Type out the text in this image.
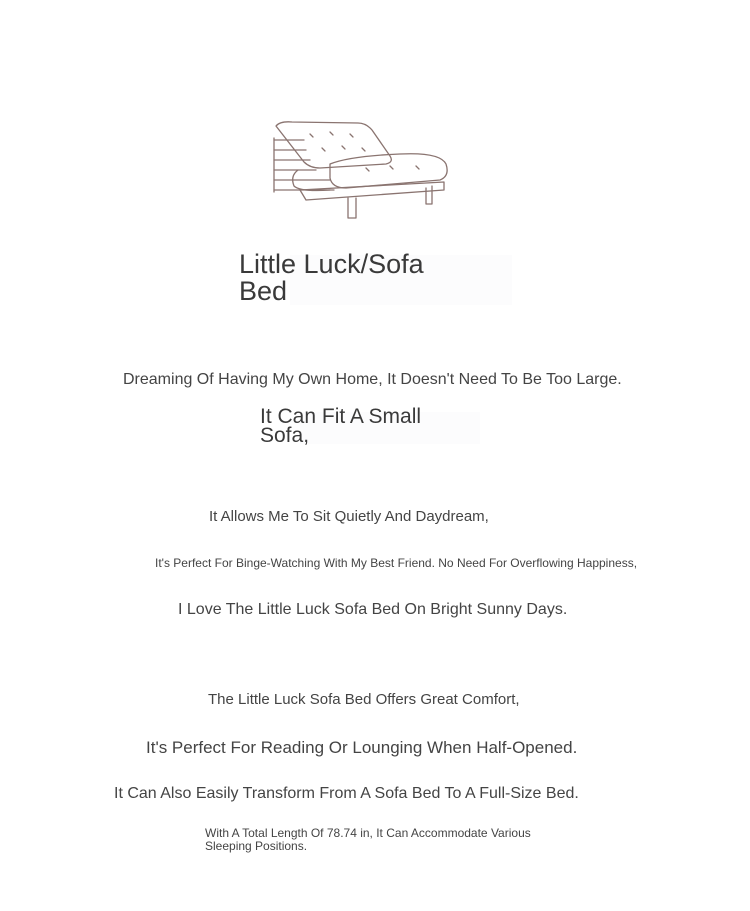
Little Luck/Sofa Bed
Dreaming Of Having My Own Home, It Doesn't Need To Be Too Large.
It Can Fit A Small Sofa,
It Allows Me To Sit Quietly And Daydream,
It's Perfect For Binge-Watching With My Best Friend. No Need For Overflowing Happiness,
I Love The Little Luck Sofa Bed On Bright Sunny Days.
The Little Luck Sofa Bed Offers Great Comfort,
It's Perfect For Reading Or Lounging When Half-Opened.
It Can Also Easily Transform From A Sofa Bed To A Full-Size Bed.
With A Total Length Of 78.74 in, It Can Accommodate Various Sleeping Positions.
